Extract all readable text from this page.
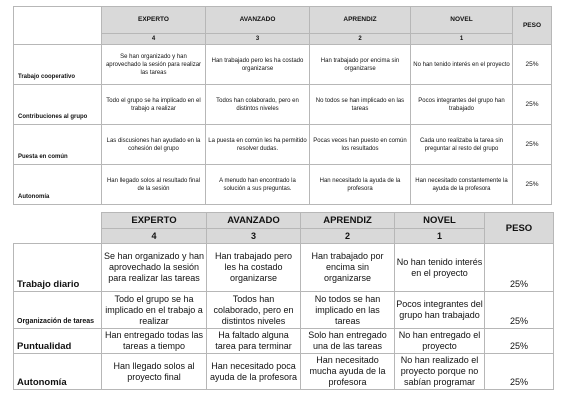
	EXPERTO	AVANZADO	APRENDIZ	NOVEL	PESO
	4	3	2	1	
Trabajo cooperativo	Se han organizado y han aprovechado la sesión para realizar las tareas	Han trabajado pero les ha costado organizarse	Han trabajado por encima sin organizarse	No han tenido interés en el proyecto	25%
Contribuciones al grupo	Todo el grupo se ha implicado en el trabajo a realizar	Todos han colaborado, pero en distintos niveles	No todos se han implicado en las tareas	Pocos integrantes del grupo han trabajado	25%
Puesta en común	Las discusiones han ayudado en la cohesión del grupo	La puesta en común les ha permitido resolver dudas.	Pocas veces han puesto en común los resultados	Cada uno realizaba la tarea sin preguntar al resto del grupo	25%
Autonomía	Han llegado solos al resultado final de la sesión	A menudo han encontrado la solución a sus preguntas.	Han necesitado la ayuda de la profesora	Han necesitado constantemente la ayuda de la profesora	25%
	EXPERTO	AVANZADO	APRENDIZ	NOVEL	PESO
	4	3	2	1	
Trabajo diario	Se han organizado y han aprovechado la sesión para realizar las tareas	Han trabajado pero les ha costado organizarse	Han trabajado por encima sin organizarse	No han tenido interés en el proyecto	25%
Organización de tareas	Todo el grupo se ha implicado en el trabajo a realizar	Todos han colaborado, pero en distintos niveles	No todos se han implicado en las tareas	Pocos integrantes del grupo han trabajado	25%
Puntualidad	Han entregado todas las tareas a tiempo	Ha faltado alguna tarea para terminar	Solo han entregado una de las tareas	No han entregado el proyecto	25%
Autonomía	Han llegado solos al proyecto final	Han necesitado poca ayuda de la profesora	Han necesitado mucha ayuda de la profesora	No han realizado el proyecto porque no sabían programar	25%
